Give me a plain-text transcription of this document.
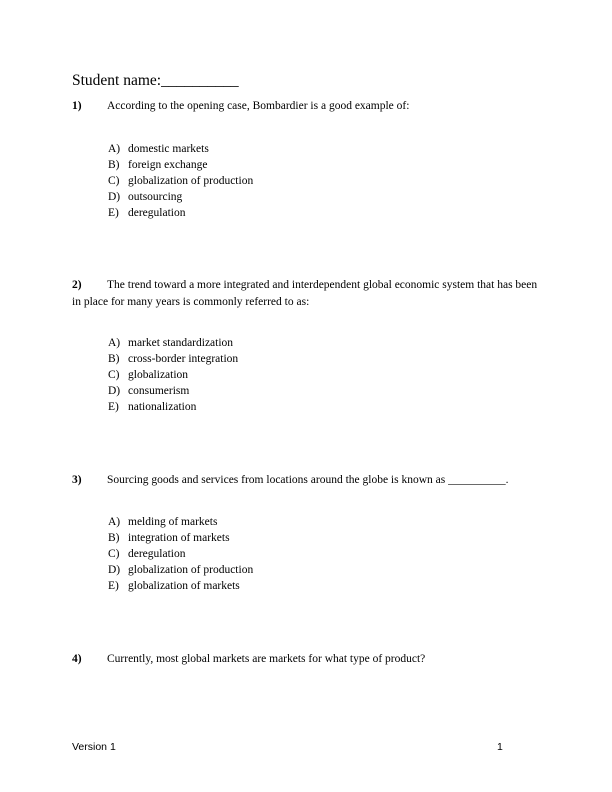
Student name:__________
1) According to the opening case, Bombardier is a good example of:
A) domestic markets
B) foreign exchange
C) globalization of production
D) outsourcing
E) deregulation
2) The trend toward a more integrated and interdependent global economic system that has been in place for many years is commonly referred to as:
A) market standardization
B) cross-border integration
C) globalization
D) consumerism
E) nationalization
3) Sourcing goods and services from locations around the globe is known as __________.
A) melding of markets
B) integration of markets
C) deregulation
D) globalization of production
E) globalization of markets
4) Currently, most global markets are markets for what type of product?
Version 1	1
